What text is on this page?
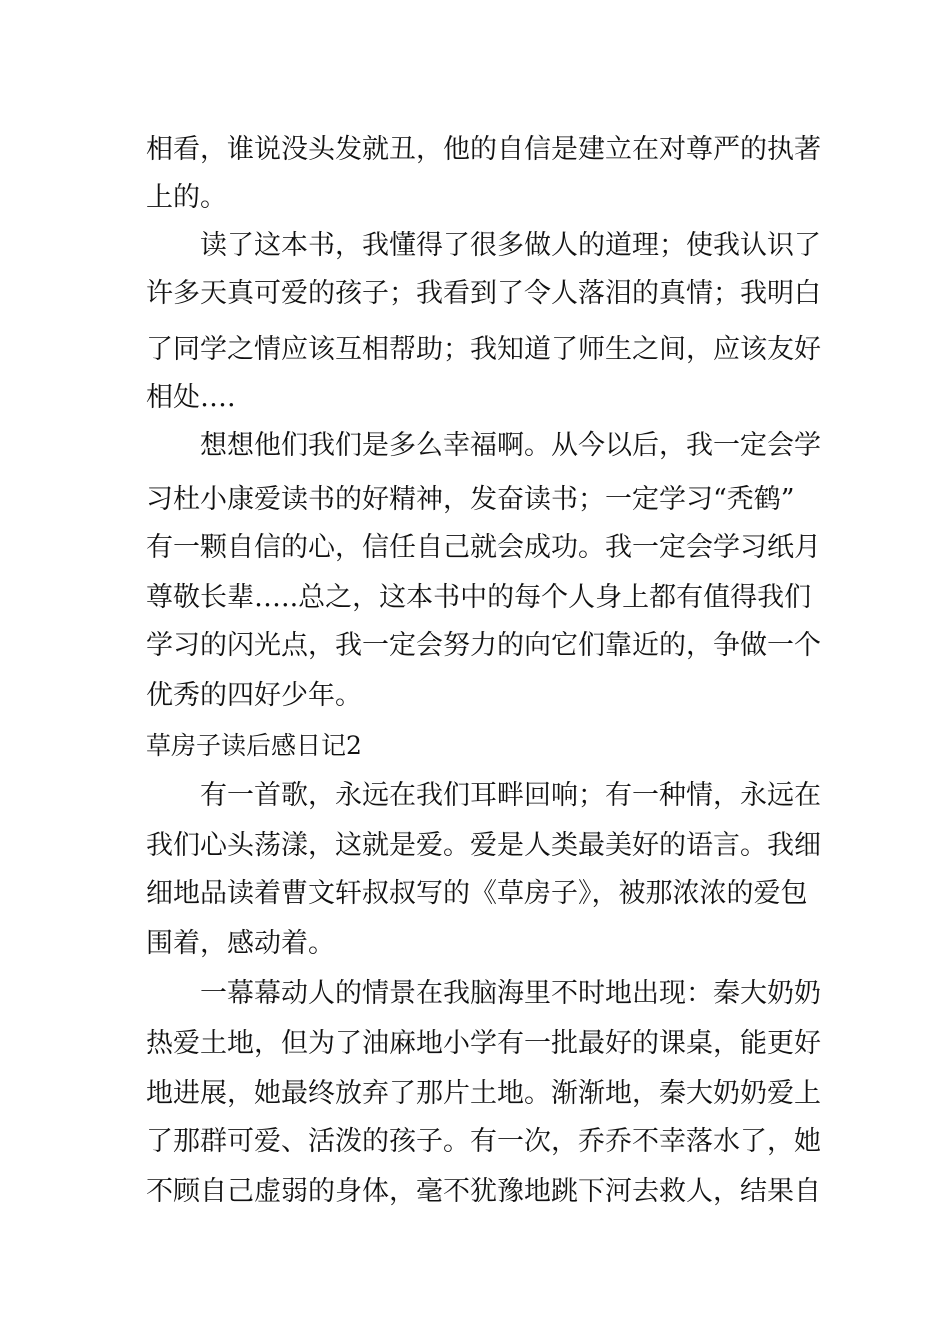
相看，谁说没头发就丑，他的自信是建立在对尊严的执著
上的。
读了这本书，我懂得了很多做人的道理；使我认识了
许多天真可爱的孩子；我看到了令人落泪的真情；我明白
了同学之情应该互相帮助；我知道了师生之间，应该友好
相处….
想想他们我们是多么幸福啊。从今以后，我一定会学
习杜小康爱读书的好精神，发奋读书；一定学习“秃鹤”
有一颗自信的心，信任自己就会成功。我一定会学习纸月
尊敬长辈…..总之，这本书中的每个人身上都有值得我们
学习的闪光点，我一定会努力的向它们靠近的，争做一个
优秀的四好少年。
草房子读后感日记2
有一首歌，永远在我们耳畔回响；有一种情，永远在
我们心头荡漾，这就是爱。爱是人类最美好的语言。我细
细地品读着曹文轩叔叔写的《草房子》，被那浓浓的爱包
围着，感动着。
一幕幕动人的情景在我脑海里不时地出现：秦大奶奶
热爱土地，但为了油麻地小学有一批最好的课桌，能更好
地进展，她最终放弃了那片土地。渐渐地，秦大奶奶爱上
了那群可爱、活泼的孩子。有一次，乔乔不幸落水了，她
不顾自己虚弱的身体，毫不犹豫地跳下河去救人，结果自
